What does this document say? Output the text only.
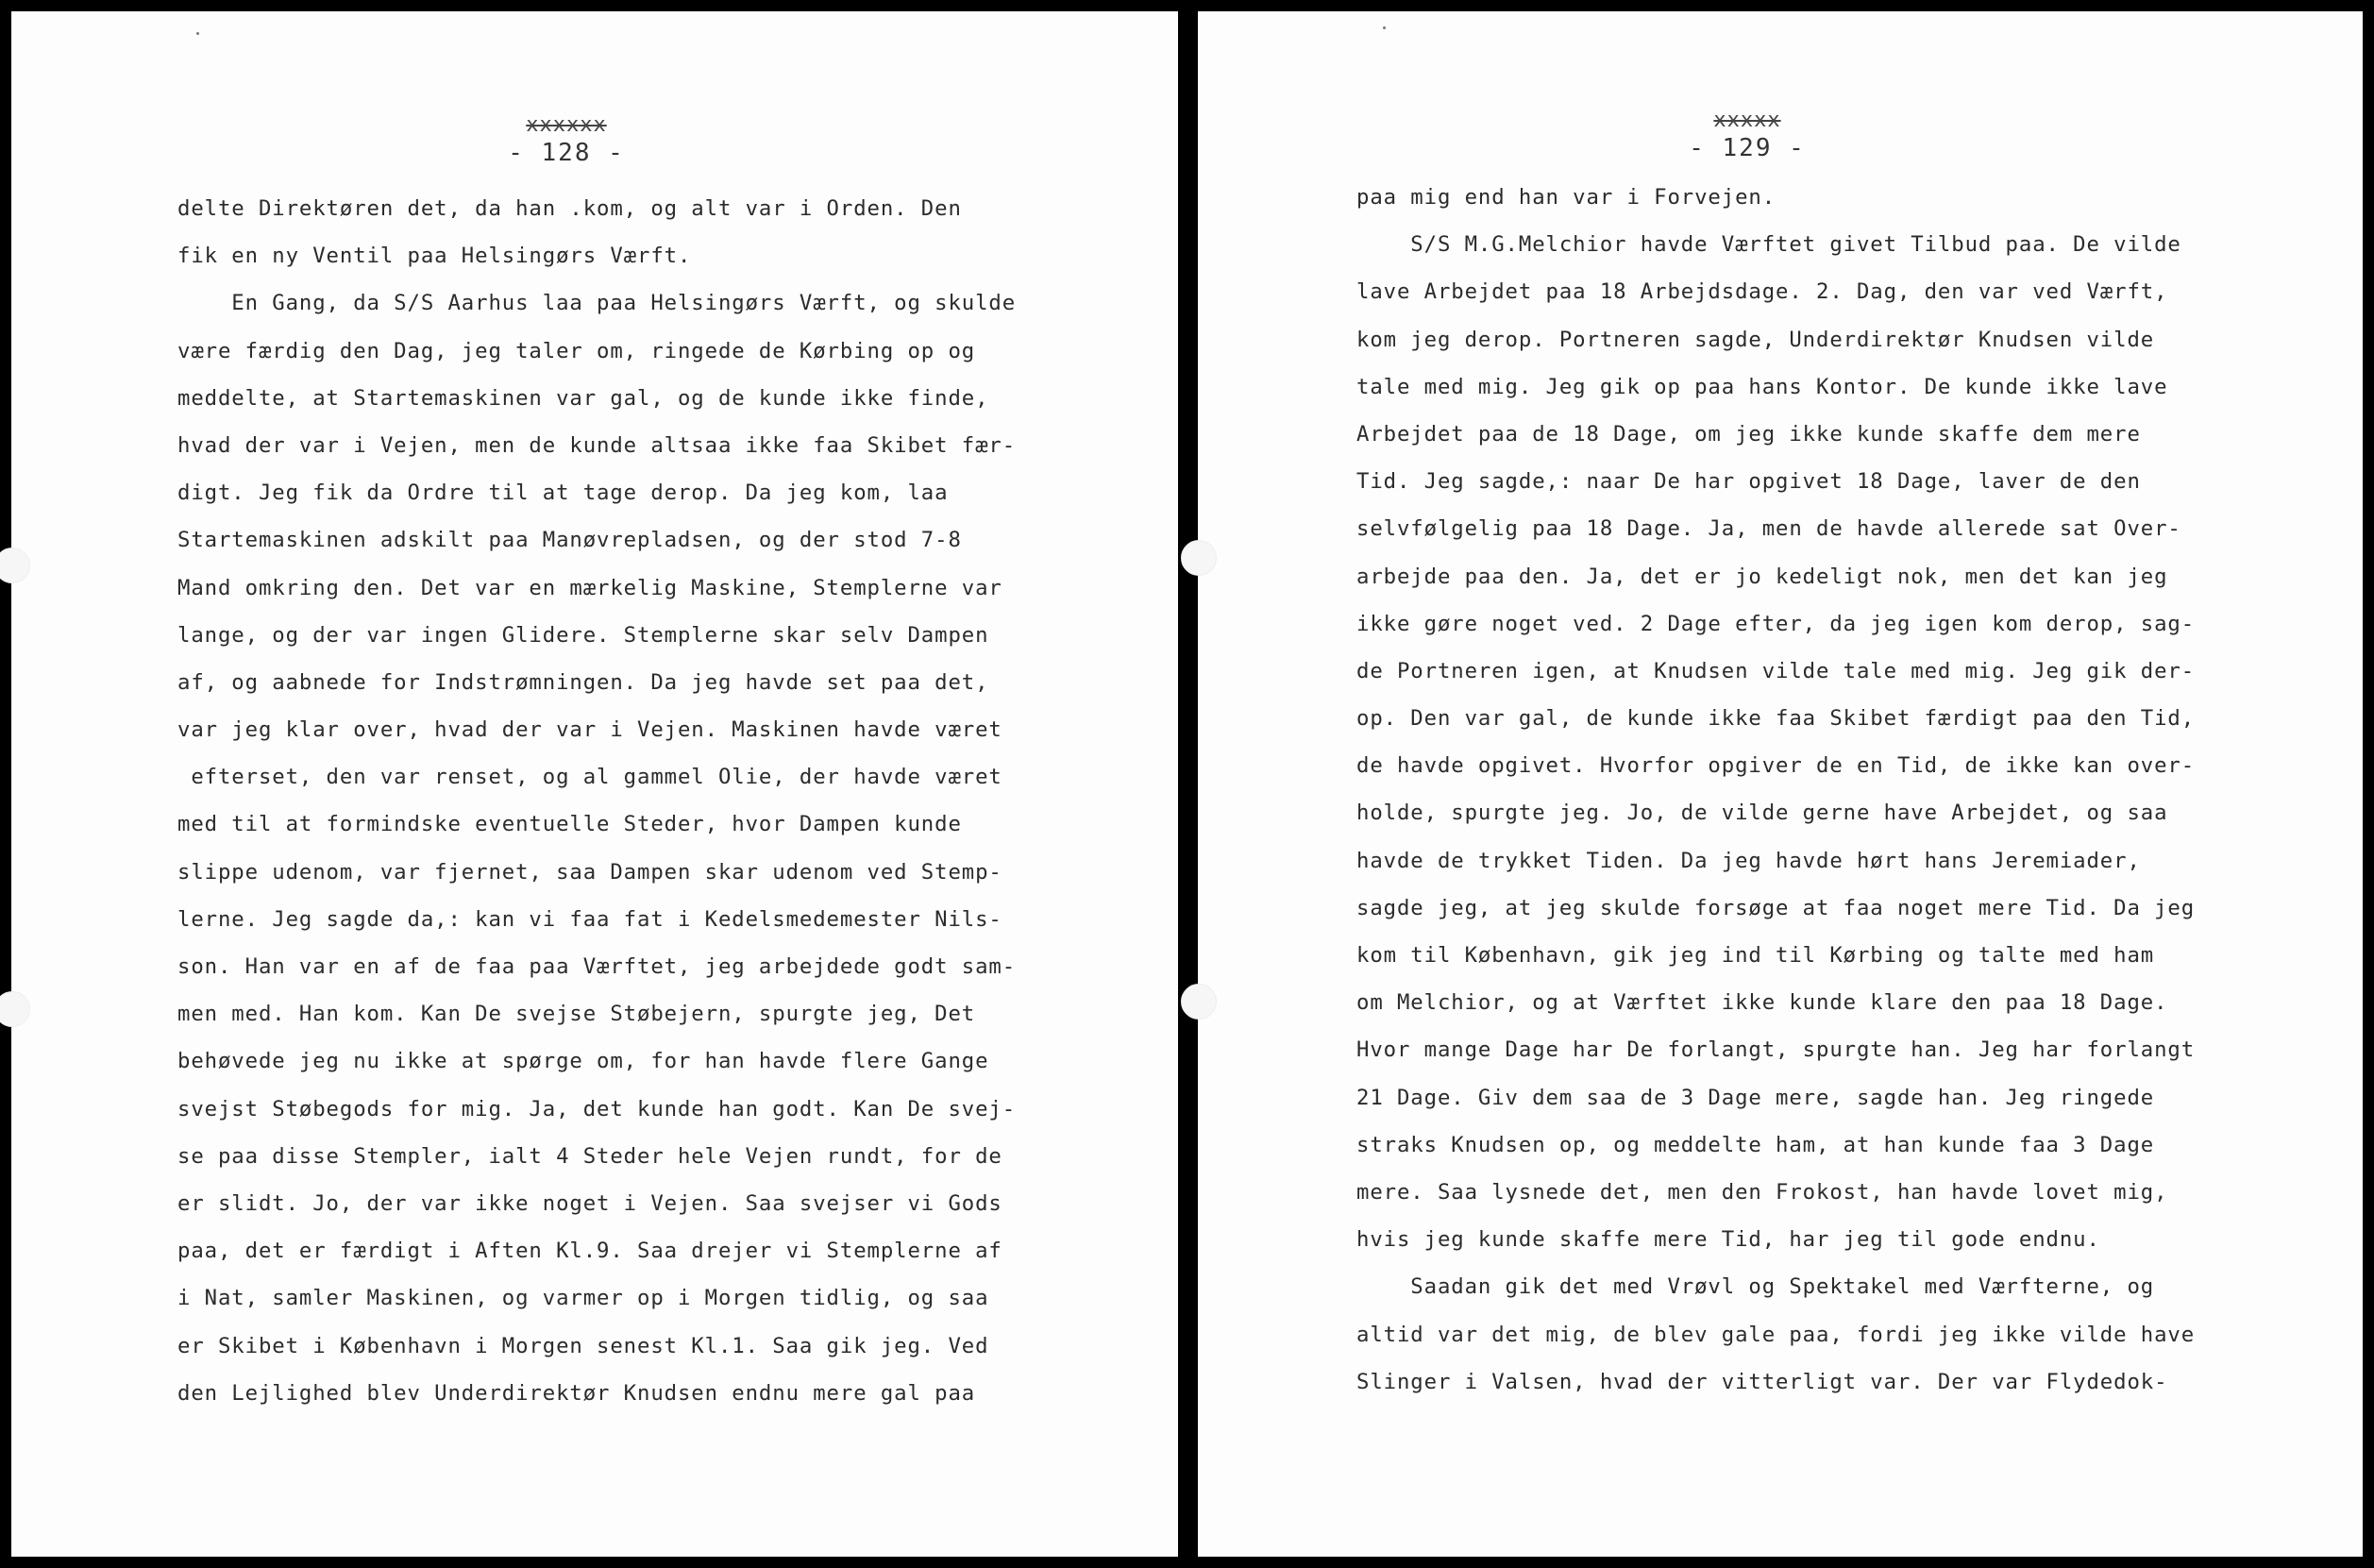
xxxxxx
- 128 -
delte Direktøren det, da han .kom, og alt var i Orden. Den
fik en ny Ventil paa Helsingørs Værft.
En Gang, da S/S Aarhus laa paa Helsingørs Værft, og skulde
være færdig den Dag, jeg taler om, ringede de Kørbing op og
meddelte, at Startemaskinen var gal, og de kunde ikke finde,
hvad der var i Vejen, men de kunde altsaa ikke faa Skibet fær-
digt. Jeg fik da Ordre til at tage derop. Da jeg kom, laa
Startemaskinen adskilt paa Manøvrepladsen, og der stod 7-8
Mand omkring den. Det var en mærkelig Maskine, Stemplerne var
lange, og der var ingen Glidere. Stemplerne skar selv Dampen
af, og aabnede for Indstrømningen. Da jeg havde set paa det,
var jeg klar over, hvad der var i Vejen. Maskinen havde været
efterset, den var renset, og al gammel Olie, der havde været
med til at formindske eventuelle Steder, hvor Dampen kunde
slippe udenom, var fjernet, saa Dampen skar udenom ved Stemp-
lerne. Jeg sagde da,: kan vi faa fat i Kedelsmedemester Nils-
son. Han var en af de faa paa Værftet, jeg arbejdede godt sam-
men med. Han kom. Kan De svejse Støbejern, spurgte jeg, Det
behøvede jeg nu ikke at spørge om, for han havde flere Gange
svejst Støbegods for mig. Ja, det kunde han godt. Kan De svej-
se paa disse Stempler, ialt 4 Steder hele Vejen rundt, for de
er slidt. Jo, der var ikke noget i Vejen. Saa svejser vi Gods
paa, det er færdigt i Aften Kl.9. Saa drejer vi Stemplerne af
i Nat, samler Maskinen, og varmer op i Morgen tidlig, og saa
er Skibet i København i Morgen senest Kl.1. Saa gik jeg. Ved
den Lejlighed blev Underdirektør Knudsen endnu mere gal paa
xxxxx
- 129 -
paa mig end han var i Forvejen.
S/S M.G.Melchior havde Værftet givet Tilbud paa. De vilde
lave Arbejdet paa 18 Arbejdsdage. 2. Dag, den var ved Værft,
kom jeg derop. Portneren sagde, Underdirektør Knudsen vilde
tale med mig. Jeg gik op paa hans Kontor. De kunde ikke lave
Arbejdet paa de 18 Dage, om jeg ikke kunde skaffe dem mere
Tid. Jeg sagde,: naar De har opgivet 18 Dage, laver de den
selvfølgelig paa 18 Dage. Ja, men de havde allerede sat Over-
arbejde paa den. Ja, det er jo kedeligt nok, men det kan jeg
ikke gøre noget ved. 2 Dage efter, da jeg igen kom derop, sag-
de Portneren igen, at Knudsen vilde tale med mig. Jeg gik der-
op. Den var gal, de kunde ikke faa Skibet færdigt paa den Tid,
de havde opgivet. Hvorfor opgiver de en Tid, de ikke kan over-
holde, spurgte jeg. Jo, de vilde gerne have Arbejdet, og saa
havde de trykket Tiden. Da jeg havde hørt hans Jeremiader,
sagde jeg, at jeg skulde forsøge at faa noget mere Tid. Da jeg
kom til København, gik jeg ind til Kørbing og talte med ham
om Melchior, og at Værftet ikke kunde klare den paa 18 Dage.
Hvor mange Dage har De forlangt, spurgte han. Jeg har forlangt
21 Dage. Giv dem saa de 3 Dage mere, sagde han. Jeg ringede
straks Knudsen op, og meddelte ham, at han kunde faa 3 Dage
mere. Saa lysnede det, men den Frokost, han havde lovet mig,
hvis jeg kunde skaffe mere Tid, har jeg til gode endnu.
Saadan gik det med Vrøvl og Spektakel med Værfterne, og
altid var det mig, de blev gale paa, fordi jeg ikke vilde have
Slinger i Valsen, hvad der vitterligt var. Der var Flydedok-
